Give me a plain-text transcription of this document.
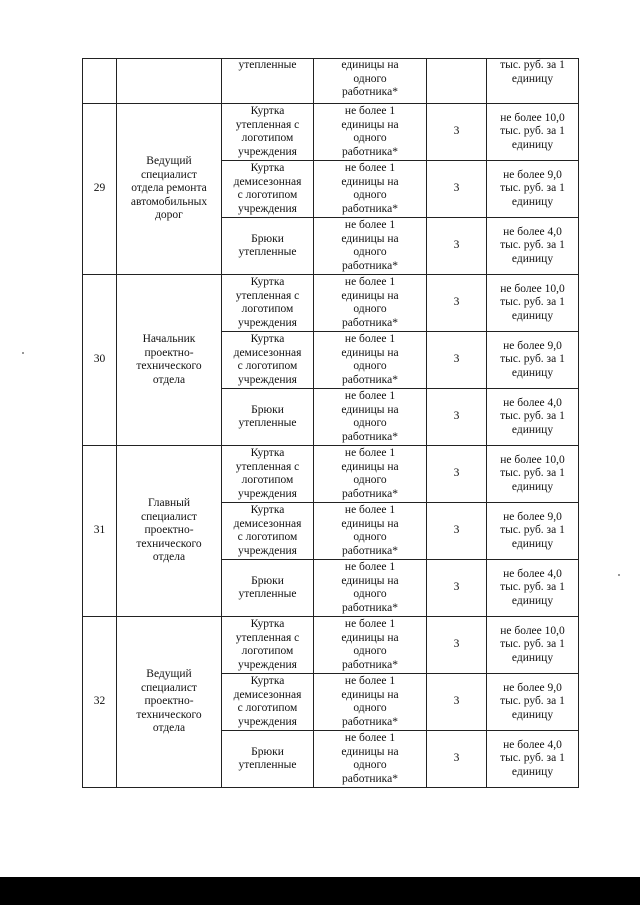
		утепленные	единицы на
одного
работника*		тыс. руб. за 1
единицу

29	Ведущий
специалист
отдела ремонта
автомобильных
дорог	Куртка
утепленная с
логотипом
учреждения	не более 1
единицы на
одного
работника*	3	не более 10,0
тыс. руб. за 1
единицу

		Куртка
демисезонная
с логотипом
учреждения	не более 1
единицы на
одного
работника*	3	не более 9,0
тыс. руб. за 1
единицу

		Брюки
утепленные	не более 1
единицы на
одного
работника*	3	не более 4,0
тыс. руб. за 1
единицу

30	Начальник
проектно-
технического
отдела	Куртка
утепленная с
логотипом
учреждения	не более 1
единицы на
одного
работника*	3	не более 10,0
тыс. руб. за 1
единицу

		Куртка
демисезонная
с логотипом
учреждения	не более 1
единицы на
одного
работника*	3	не более 9,0
тыс. руб. за 1
единицу

		Брюки
утепленные	не более 1
единицы на
одного
работника*	3	не более 4,0
тыс. руб. за 1
единицу

31	Главный
специалист
проектно-
технического
отдела	Куртка
утепленная с
логотипом
учреждения	не более 1
единицы на
одного
работника*	3	не более 10,0
тыс. руб. за 1
единицу

		Куртка
демисезонная
с логотипом
учреждения	не более 1
единицы на
одного
работника*	3	не более 9,0
тыс. руб. за 1
единицу

		Брюки
утепленные	не более 1
единицы на
одного
работника*	3	не более 4,0
тыс. руб. за 1
единицу

32	Ведущий
специалист
проектно-
технического
отдела	Куртка
утепленная с
логотипом
учреждения	не более 1
единицы на
одного
работника*	3	не более 10,0
тыс. руб. за 1
единицу

		Куртка
демисезонная
с логотипом
учреждения	не более 1
единицы на
одного
работника*	3	не более 9,0
тыс. руб. за 1
единицу

		Брюки
утепленные	не более 1
единицы на
одного
работника*	3	не более 4,0
тыс. руб. за 1
единицу
